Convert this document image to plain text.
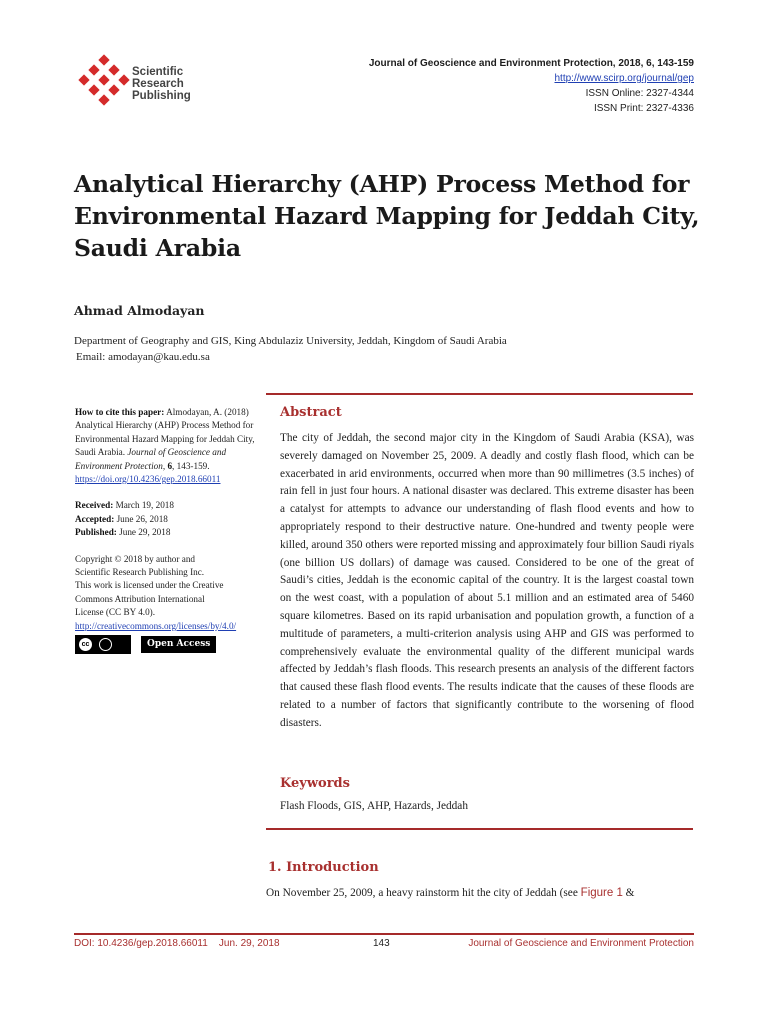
Scientific
Research
Publishing
Journal of Geoscience and Environment Protection, 2018, 6, 143-159
http://www.scirp.org/journal/gep
ISSN Online: 2327-4344
ISSN Print: 2327-4336
Analytical Hierarchy (AHP) Process Method for Environmental Hazard Mapping for Jeddah City, Saudi Arabia
Ahmad Almodayan
Department of Geography and GIS, King Abdulaziz University, Jeddah, Kingdom of Saudi Arabia
Email: amodayan@kau.edu.sa
How to cite this paper: Almodayan, A. (2018) Analytical Hierarchy (AHP) Process Method for Environmental Hazard Mapping for Jeddah City, Saudi Arabia. Journal of Geoscience and Environment Protection, 6, 143-159.
https://doi.org/10.4236/gep.2018.66011
Received: March 19, 2018
Accepted: June 26, 2018
Published: June 29, 2018
Copyright © 2018 by author and
Scientific Research Publishing Inc.
This work is licensed under the Creative
Commons Attribution International
License (CC BY 4.0).
http://creativecommons.org/licenses/by/4.0/
cc	Open Access
Abstract
The city of Jeddah, the second major city in the Kingdom of Saudi Arabia (KSA), was severely damaged on November 25, 2009. A deadly and costly flash flood, which can be exacerbated in arid environments, occurred when more than 90 millimetres (3.5 inches) of rain fell in just four hours. A national disaster was declared. This extreme disaster has been a catalyst for attempts to advance our understanding of flash flood events and how to appropriately respond to their destructive nature. One-hundred and twenty people were killed, around 350 others were reported missing and approximately four billion Saudi riyals (one billion US dollars) of damage was caused. Considered to be one of the great of Saudi’s cities, Jeddah is the economic capital of the country. It is the largest coastal town on the west coast, with a population of about 5.1 million and an estimated area of 5460 square kilometres. Based on its rapid urbanisation and population growth, a function of a multitude of parameters, a multi-criterion analysis using AHP and GIS was performed to comprehensively evaluate the environmental quality of the different municipal wards affected by Jeddah’s flash floods. This research presents an analysis of the different factors that caused these flash flood events. The results indicate that the causes of these floods are related to a number of factors that significantly contribute to the worsening of flood disasters.
Keywords
Flash Floods, GIS, AHP, Hazards, Jeddah
1. Introduction
On November 25, 2009, a heavy rainstorm hit the city of Jeddah (see Figure 1 &
DOI: 10.4236/gep.2018.66011    Jun. 29, 2018	143	Journal of Geoscience and Environment Protection
